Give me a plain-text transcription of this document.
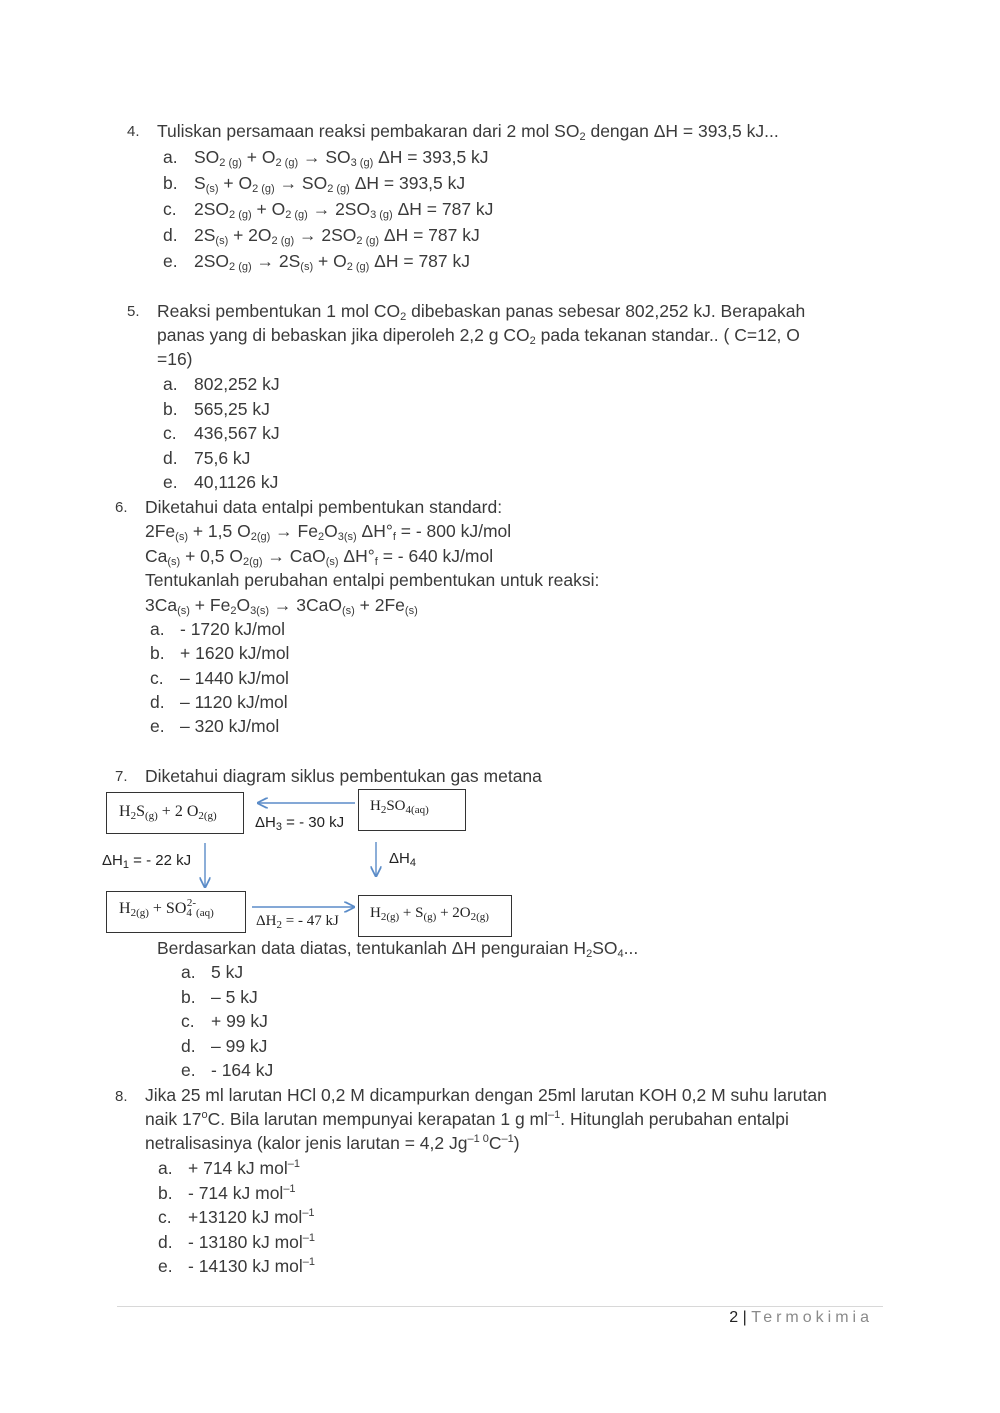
4. Tuliskan persamaan reaksi pembakaran dari 2 mol SO2 dengan ΔH = 393,5 kJ...
a. SO2 (g) + O2 (g) → SO3 (g) ΔH = 393,5 kJ
b. S(s) + O2 (g) → SO2 (g) ΔH = 393,5 kJ
c. 2SO2 (g) + O2 (g) → 2SO3 (g) ΔH = 787 kJ
d. 2S(s) + 2O2 (g) → 2SO2 (g) ΔH = 787 kJ
e. 2SO2 (g) → 2S(s) + O2 (g) ΔH = 787 kJ
5. Reaksi pembentukan 1 mol CO2 dibebaskan panas sebesar 802,252 kJ. Berapakah
panas yang di bebaskan jika diperoleh 2,2 g CO2 pada tekanan standar.. ( C=12, O
=16)
a. 802,252 kJ
b. 565,25 kJ
c. 436,567 kJ
d. 75,6 kJ
e. 40,1126 kJ
6. Diketahui data entalpi pembentukan standard:
2Fe(s) + 1,5 O2(g) → Fe2O3(s) ΔH°f = - 800 kJ/mol
Ca(s) + 0,5 O2(g) → CaO(s) ΔH°f = - 640 kJ/mol
Tentukanlah perubahan entalpi pembentukan untuk reaksi:
3Ca(s) + Fe2O3(s) → 3CaO(s) + 2Fe(s)
a. - 1720 kJ/mol
b. + 1620 kJ/mol
c. – 1440 kJ/mol
d. – 1120 kJ/mol
e. – 320 kJ/mol
7. Diketahui diagram siklus pembentukan gas metana
H2S(g) + 2 O2(g)
$H_2SO_{4(aq)}$
$H2(g) + SO4^{2-}(aq)$	$H_{2(g)} + S_{(g)} + 2O_{2(g)}$
$\Delta H_3$ = - 30 kJ
$\Delta H_1$ = - 22 kJ	$\Delta H_4$
$\Delta H_2$ = - 47 kJ
Berdasarkan data diatas, tentukanlah ΔH penguraian H2SO4...
a. 5 kJ
b. – 5 kJ
c. + 99 kJ
d. – 99 kJ
e. - 164 kJ
8. Jika 25 ml larutan HCl 0,2 M dicampurkan dengan 25ml larutan KOH 0,2 M suhu larutan
naik 17$^o$C. Bila larutan mempunyai kerapatan 1 g $ml^{-1}$. Hitunglah perubahan entalpi
netralisasinya (kalor jenis larutan = 4,2 $Jg^{-1 0}C^{-1}$)
a. + 714 kJ mol$^{-1}$
b. - 714 kJ mol$^{-1}$
c. +13120 kJ mol$^{-1}$
d. - 13180 kJ mol$^{-1}$
e. - 14130 kJ mol$^{-1}$
2 | Termokimia
